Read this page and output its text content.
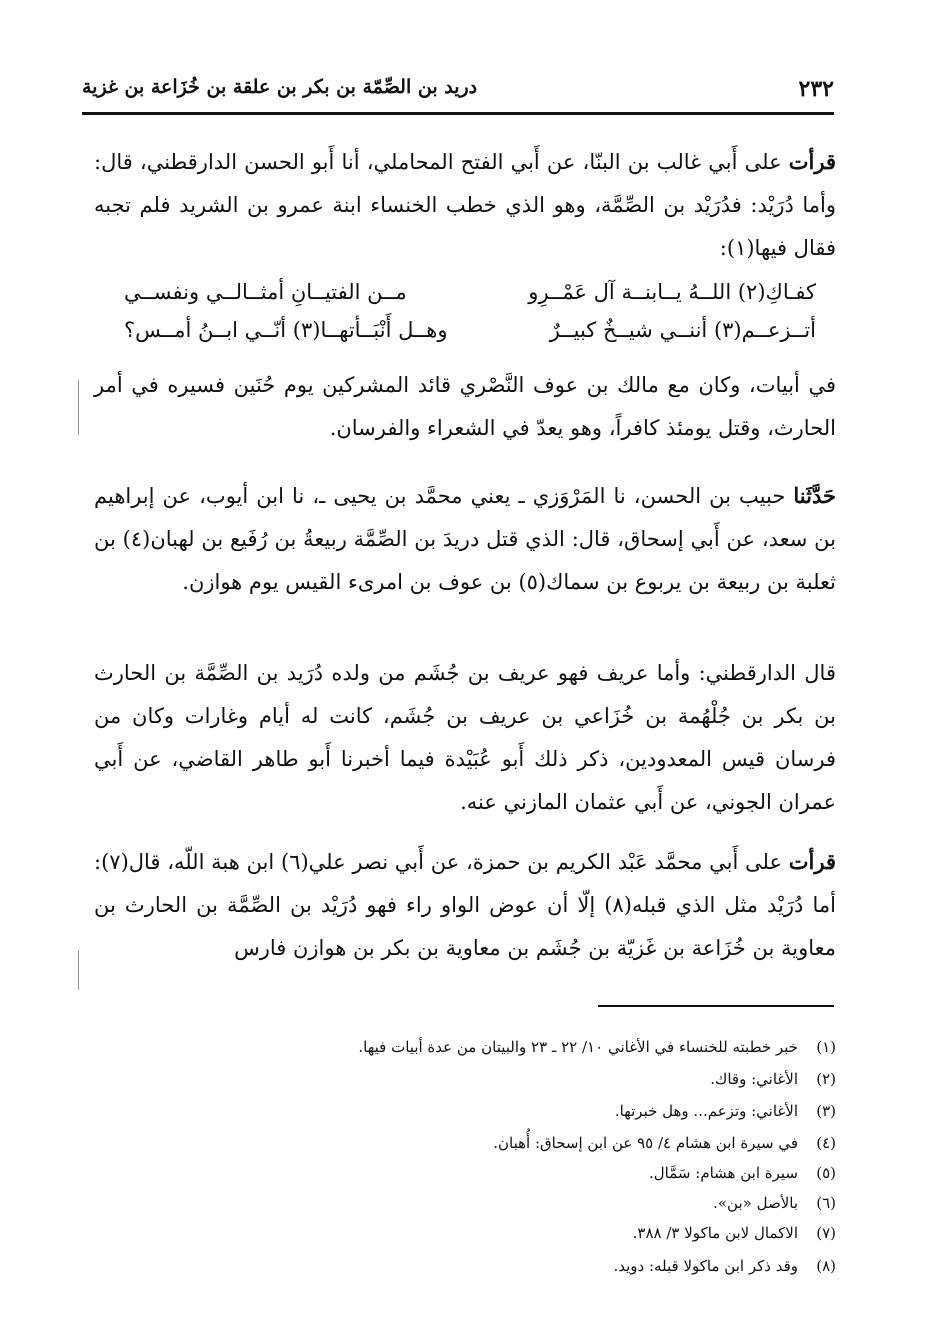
٢٣٢
دريد بن الصِّمّة بن بكر بن علقة بن خُزَاعة بن غزية

قرأت على أَبي غالب بن البنّا، عن أَبي الفتح المحاملي، أنا أَبو الحسن الدارقطني، قال: وأما دُرَيْد: فدُرَيْد بن الصِّمَّة، وهو الذي خطب الخنساء ابنة عمرو بن الشريد فلم تجبه فقال فيها(١):

كفـاكِ(٢) اللــهُ يــابنــة آل عَمْــرِو
مــن الفتيــانِ أمثــالــي ونفســي
أتــزعــم(٣) أننــي شيــخٌ كبيــرٌ
وهــل أَنْبَــأتهــا(٣) أنّــي ابــنُ أمــس؟

في أبيات، وكان مع مالك بن عوف النَّصْري قائد المشركين يوم حُنَين فسيره في أمر الحارث، وقتل يومئذ كافراً، وهو يعدّ في الشعراء والفرسان.

حَدَّثَنا حبيب بن الحسن، نا المَرْوَزي ـ يعني محمَّد بن يحيى ـ، نا ابن أيوب، عن إبراهيم بن سعد، عن أَبي إسحاق، قال: الذي قتل دريدَ بن الصِّمَّة ربيعةُ بن رُفَيع بن لهبان(٤) بن ثعلبة بن ربيعة بن يربوع بن سماك(٥) بن عوف بن امرىء القيس يوم هوازن.

قال الدارقطني: وأما عريف فهو عريف بن جُشَم من ولده دُرَيد بن الصِّمَّة بن الحارث بن بكر بن جُلْهُمة بن خُزَاعي بن عريف بن جُشَم، كانت له أيام وغارات وكان من فرسان قيس المعدودين، ذكر ذلك أَبو عُبَيْدة فيما أخبرنا أَبو طاهر القاضي، عن أَبي عمران الجوني، عن أَبي عثمان المازني عنه.

قرأت على أَبي محمَّد عَبْد الكريم بن حمزة، عن أَبي نصر علي(٦) ابن هبة اللّه، قال(٧): أما دُرَيْد مثل الذي قبله(٨) إلّا أن عوض الواو راء فهو دُرَيْد بن الصِّمَّة بن الحارث بن معاوية بن خُزَاعة بن غَزيّة بن جُشَم بن معاوية بن بكر بن هوازن فارس

(١)خبر خطبته للخنساء في الأغاني ١٠/ ٢٢ ـ ٢٣ والبيتان من عدة أبيات فيها.
(٢)الأغاني: وقاك.
(٣)الأغاني: وتزعم... وهل خبرتها.
(٤)في سيرة ابن هشام ٤/ ٩٥ عن ابن إسحاق: أُهبان.
(٥)سيرة ابن هشام: سَمَّال.
(٦)بالأصل «بن».
(٧)الاكمال لابن ماكولا ٣/ ٣٨٨.
(٨)وقد ذكر ابن ماكولا قبله: دويد.
